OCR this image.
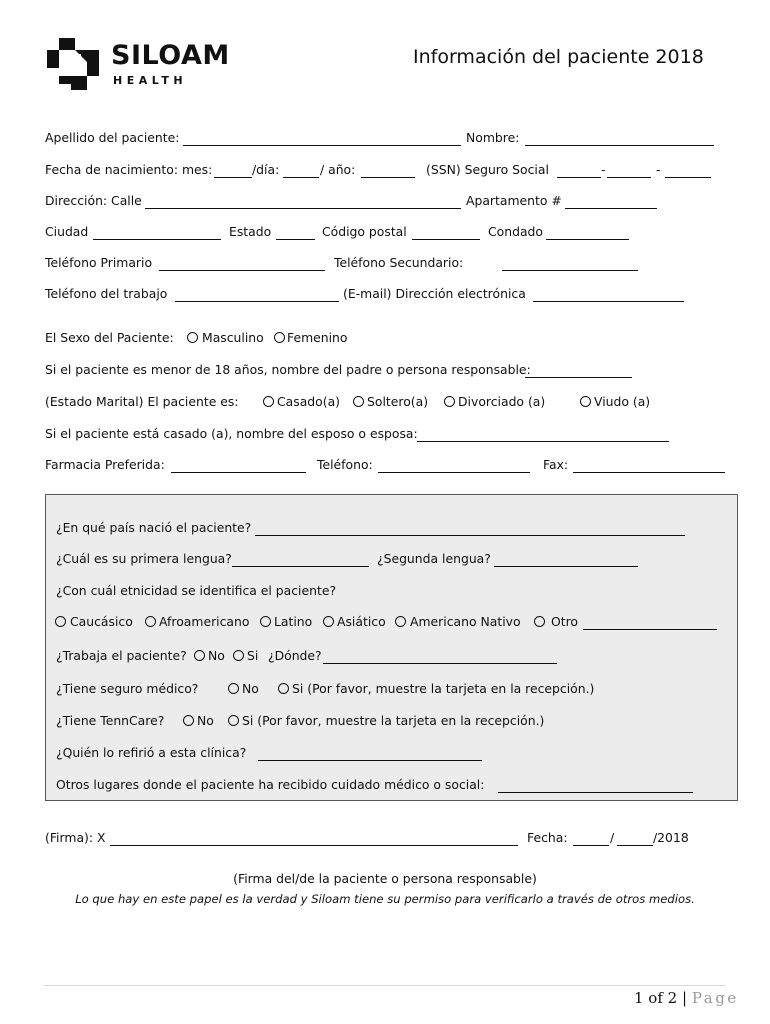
SILOAM
HEALTH
Información del paciente 2018
Apellido del paciente:	Nombre:
Fecha de nacimiento: mes:	/día:	/ año:	(SSN) Seguro Social	-	-
Dirección: Calle	Apartamento #
Ciudad	Estado	Código postal	Condado
Teléfono Primario	Teléfono Secundario:
Teléfono del trabajo	(E-mail) Dirección electrónica
El Sexo del Paciente: Masculino Femenino
Si el paciente es menor de 18 años, nombre del padre o persona responsable:
(Estado Marital) El paciente es:	Casado(a) Soltero(a) Divorciado (a)	Viudo (a)
Si el paciente está casado (a), nombre del esposo o esposa:
Farmacia Preferida:	Teléfono:	Fax:
¿En qué país nació el paciente?
¿Cuál es su primera lengua?	¿Segunda lengua?
¿Con cuál etnicidad se identifica el paciente?
Caucásico Afroamericano Latino Asiático Americano Nativo Otro
¿Trabaja el paciente? No Si ¿Dónde?
¿Tiene seguro médico?	No	Si (Por favor, muestre la tarjeta en la recepción.)
¿Tiene TennCare?	No Si (Por favor, muestre la tarjeta en la recepción.)
¿Quién lo refirió a esta clínica?
Otros lugares donde el paciente ha recibido cuidado médico o social:
(Firma): X	Fecha:	/	/2018
(Firma del/de la paciente o persona responsable)
Lo que hay en este papel es la verdad y Siloam tiene su permiso para verificarlo a través de otros medios.
1 of 2 | Page
